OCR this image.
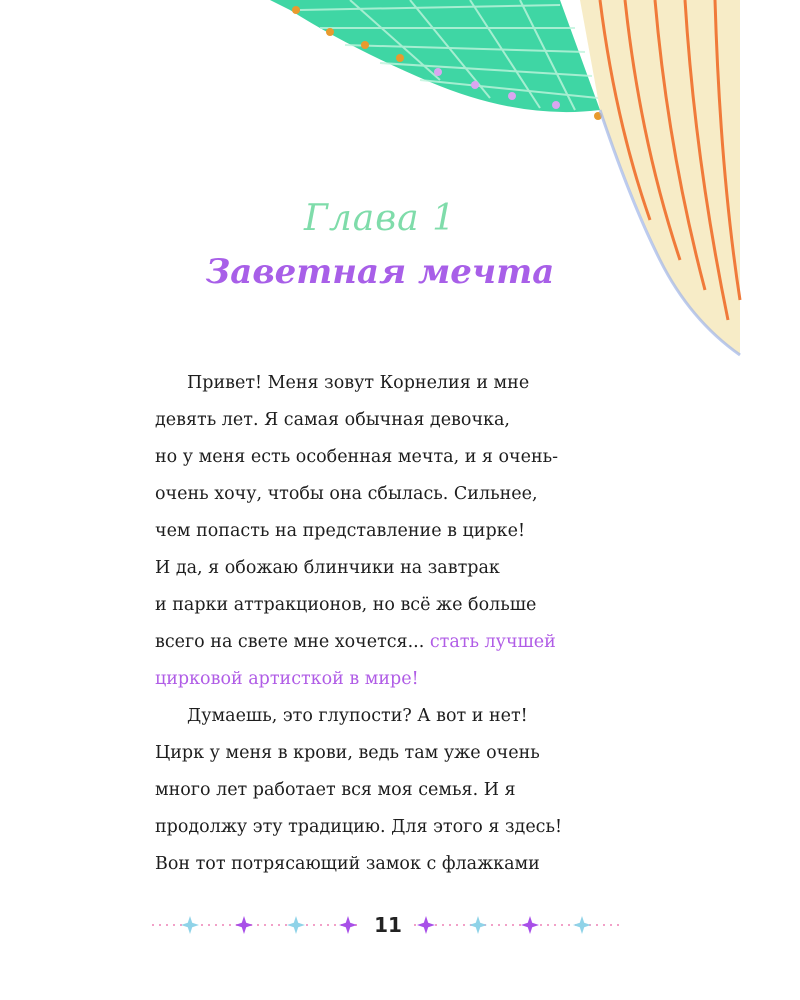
Глава 1
Заветная мечта
Привет! Меня зовут Корнелия и мне
девять лет. Я самая обычная девочка,
но у меня есть особенная мечта, и я очень-
очень хочу, чтобы она сбылась. Сильнее,
чем попасть на представление в цирке!
И да, я обожаю блинчики на завтрак
и парки аттракционов, но всё же больше
всего на свете мне хочется... стать лучшей
цирковой артисткой в мире!
Думаешь, это глупости? А вот и нет!
Цирк у меня в крови, ведь там уже очень
много лет работает вся моя семья. И я
продолжу эту традицию. Для этого я здесь!
Вон тот потрясающий замок с флажками
11
